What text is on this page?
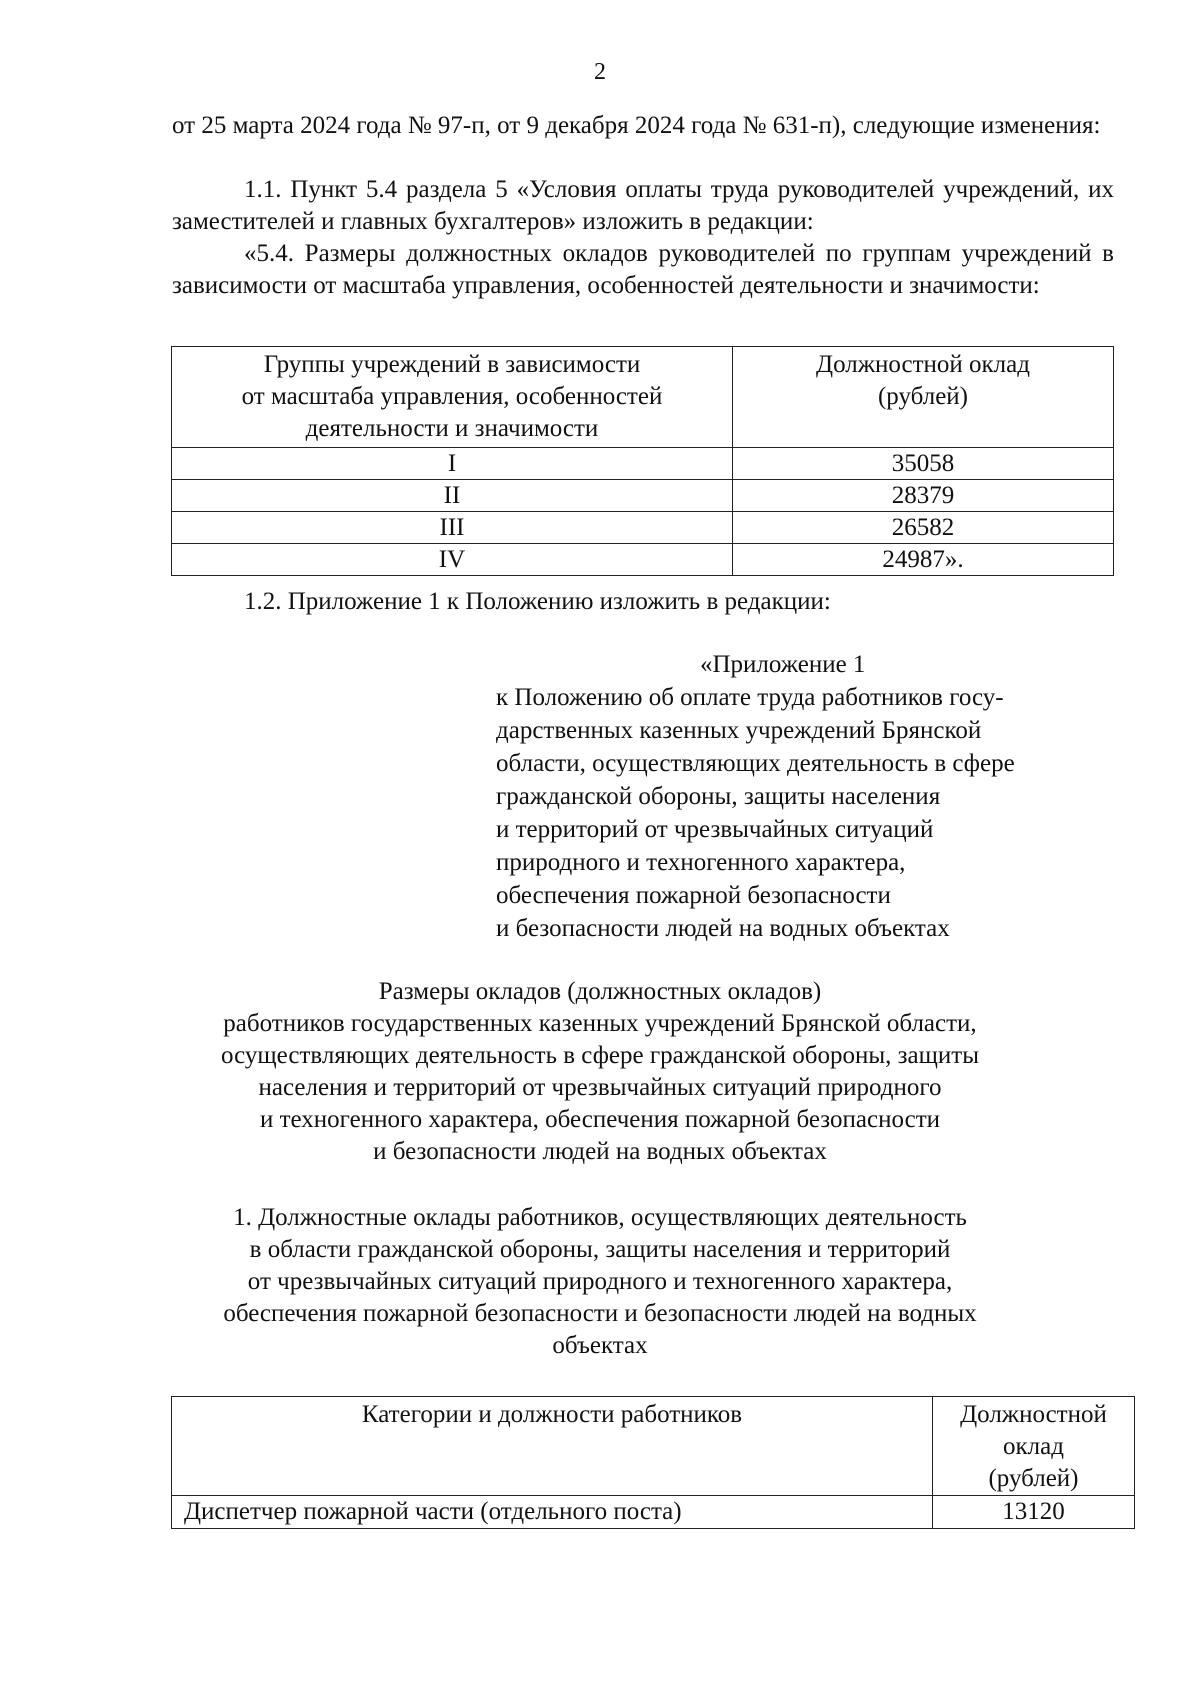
2
от 25 марта 2024 года № 97-п, от 9 декабря 2024 года № 631-п), следующие изменения:
1.1. Пункт 5.4 раздела 5 «Условия оплаты труда руководителей учреждений, их заместителей и главных бухгалтеров» изложить в редакции:
«5.4. Размеры должностных окладов руководителей по группам учреждений в зависимости от масштаба управления, особенностей деятельности и значимости:
Группы учреждений в зависимости
от масштаба управления, особенностей
деятельности и значимости	Должностной оклад
(рублей)

I	35058
II	28379
III	26582
IV	24987».
1.2. Приложение 1 к Положению изложить в редакции:
«Приложение 1
к Положению об оплате труда работников госу-
дарственных казенных учреждений Брянской
области, осуществляющих деятельность в сфере
гражданской обороны, защиты населения
и территорий от чрезвычайных ситуаций
природного и техногенного характера,
обеспечения пожарной безопасности
и безопасности людей на водных объектах
Размеры окладов (должностных окладов)
работников государственных казенных учреждений Брянской области,
осуществляющих деятельность в сфере гражданской обороны, защиты
населения и территорий от чрезвычайных ситуаций природного
и техногенного характера, обеспечения пожарной безопасности
и безопасности людей на водных объектах
1. Должностные оклады работников, осуществляющих деятельность
в области гражданской обороны, защиты населения и территорий
от чрезвычайных ситуаций природного и техногенного характера,
обеспечения пожарной безопасности и безопасности людей на водных
объектах
Категории и должности работников	Должностной
оклад
(рублей)

Диспетчер пожарной части (отдельного поста)	13120
